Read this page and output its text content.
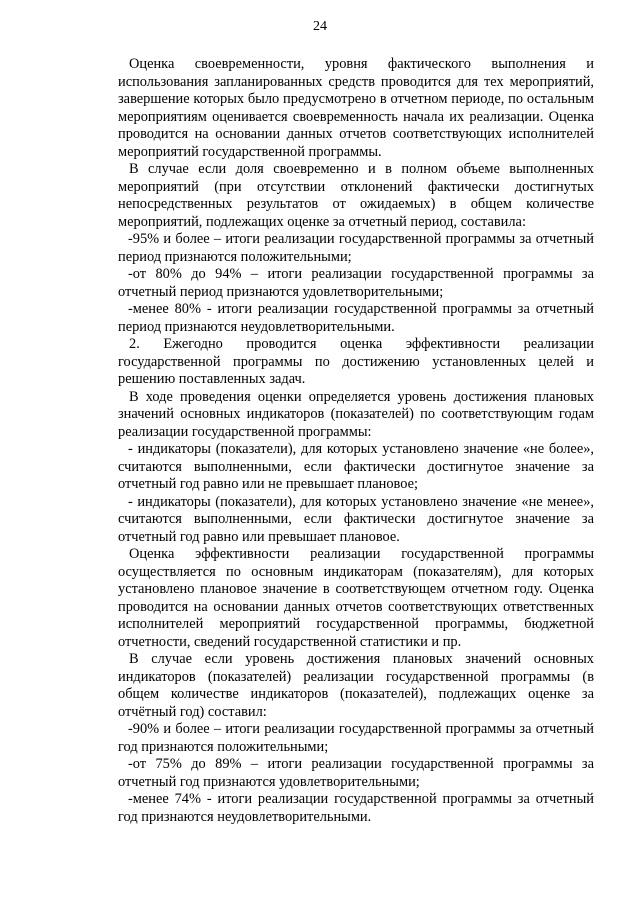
24

Оценка своевременности, уровня фактического выполнения и использования запланированных средств проводится для тех мероприятий, завершение которых было предусмотрено в отчетном периоде, по остальным мероприятиям оценивается своевременность начала их реализации. Оценка проводится на основании данных отчетов соответствующих исполнителей мероприятий государственной программы.

В случае если доля своевременно и в полном объеме выполненных мероприятий (при отсутствии отклонений фактически достигнутых непосредственных результатов от ожидаемых) в общем количестве мероприятий, подлежащих оценке за отчетный период, составила:

-95% и более – итоги реализации государственной программы за отчетный период признаются положительными;

-от 80% до 94% – итоги реализации государственной программы за отчетный период признаются удовлетворительными;

-менее 80% - итоги реализации государственной программы за отчетный период признаются неудовлетворительными.

2. Ежегодно проводится оценка эффективности реализации государственной программы по достижению установленных целей и решению поставленных задач.

В ходе проведения оценки определяется уровень достижения плановых значений основных индикаторов (показателей) по соответствующим годам реализации государственной программы:

- индикаторы (показатели), для которых установлено значение «не более», считаются выполненными, если фактически достигнутое значение за отчетный год равно или не превышает плановое;

- индикаторы (показатели), для которых установлено значение «не менее», считаются выполненными, если фактически достигнутое значение за отчетный год равно или превышает плановое.

Оценка эффективности реализации государственной программы осуществляется по основным индикаторам (показателям), для которых установлено плановое значение в соответствующем отчетном году. Оценка проводится на основании данных отчетов соответствующих ответственных исполнителей мероприятий государственной программы, бюджетной отчетности, сведений государственной статистики и пр.

В случае если уровень достижения плановых значений основных индикаторов (показателей) реализации государственной программы (в общем количестве индикаторов (показателей), подлежащих оценке за отчётный год) составил:

-90% и более – итоги реализации государственной программы за отчетный год признаются положительными;

-от 75% до 89% – итоги реализации государственной программы за отчетный год признаются удовлетворительными;

-менее 74% - итоги реализации государственной программы за отчетный год признаются неудовлетворительными.
